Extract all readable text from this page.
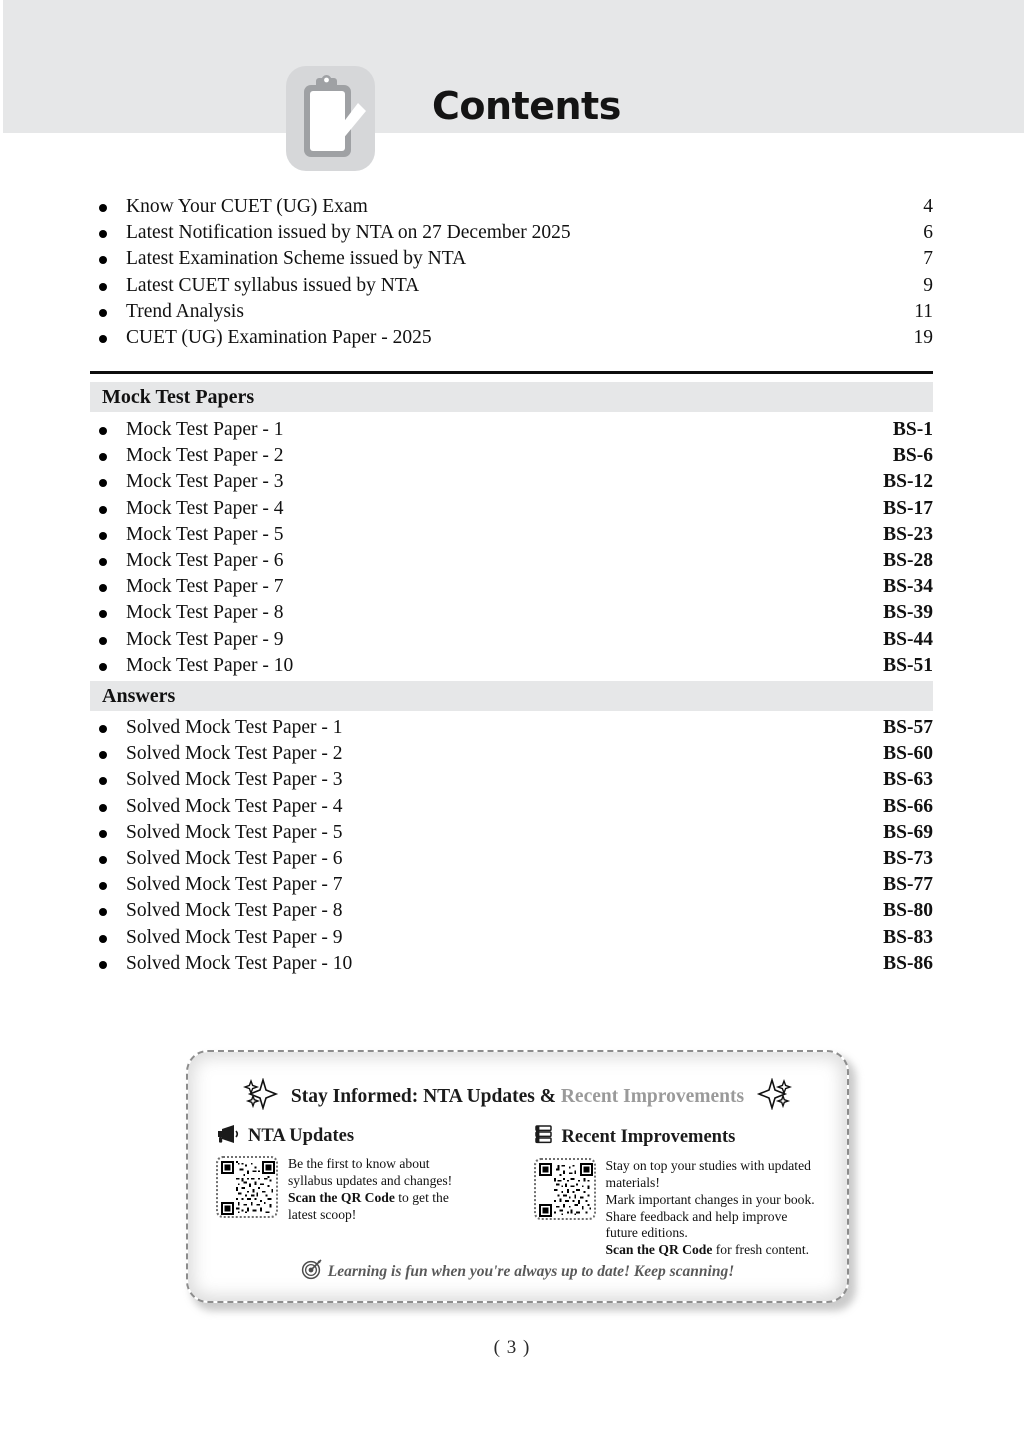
Contents
Know Your CUET (UG) Exam	4
Latest Notification issued by NTA on 27 December 2025	6
Latest Examination Scheme issued by NTA	7
Latest CUET syllabus issued by NTA	9
Trend Analysis	11
CUET (UG) Examination Paper - 2025	19
Mock Test Papers
Mock Test Paper - 1	BS-1
Mock Test Paper - 2	BS-6
Mock Test Paper - 3	BS-12
Mock Test Paper - 4	BS-17
Mock Test Paper - 5	BS-23
Mock Test Paper - 6	BS-28
Mock Test Paper - 7	BS-34
Mock Test Paper - 8	BS-39
Mock Test Paper - 9	BS-44
Mock Test Paper - 10	BS-51
Answers
Solved Mock Test Paper - 1	BS-57
Solved Mock Test Paper - 2	BS-60
Solved Mock Test Paper - 3	BS-63
Solved Mock Test Paper - 4	BS-66
Solved Mock Test Paper - 5	BS-69
Solved Mock Test Paper - 6	BS-73
Solved Mock Test Paper - 7	BS-77
Solved Mock Test Paper - 8	BS-80
Solved Mock Test Paper - 9	BS-83
Solved Mock Test Paper - 10	BS-86
Stay Informed: NTA Updates & Recent Improvements
NTA Updates
Be the first to know about
syllabus updates and changes!
Scan the QR Code to get the
latest scoop!
Recent Improvements
Stay on top your studies with updated
materials!
Mark important changes in your book.
Share feedback and help improve
future editions.
Scan the QR Code for fresh content.
Learning is fun when you're always up to date! Keep scanning!
( 3 )
